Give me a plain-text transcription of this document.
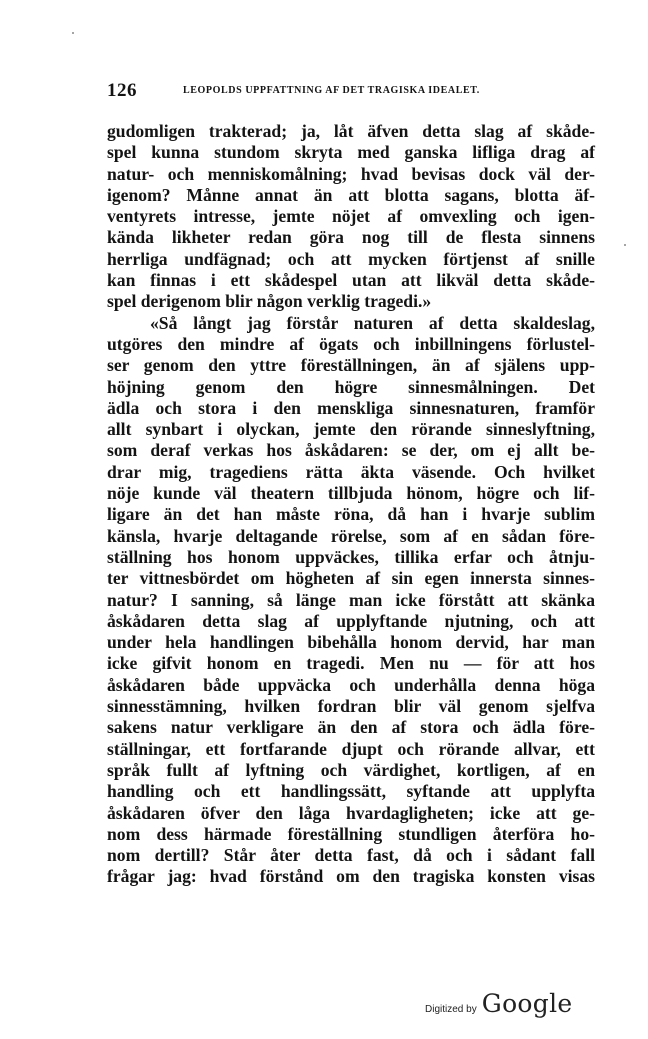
126	LEOPOLDS UPPFATTNING AF DET TRAGISKA IDEALET.
gudomligen trakterad; ja, låt äfven detta slag af skåde-
spel kunna stundom skryta med ganska lifliga drag af
natur- och menniskomålning; hvad bevisas dock väl der-
igenom? Månne annat än att blotta sagans, blotta äf-
ventyrets intresse, jemte nöjet af omvexling och igen-
kända likheter redan göra nog till de flesta sinnens
herrliga undfägnad; och att mycken förtjenst af snille
kan finnas i ett skådespel utan att likväl detta skåde-
spel derigenom blir någon verklig tragedi.»
«Så långt jag förstår naturen af detta skaldeslag,
utgöres den mindre af ögats och inbillningens förlustel-
ser genom den yttre föreställningen, än af själens upp-
höjning genom den högre sinnesmålningen. Det
ädla och stora i den menskliga sinnesnaturen, framför
allt synbart i olyckan, jemte den rörande sinneslyftning,
som deraf verkas hos åskådaren: se der, om ej allt be-
drar mig, tragediens rätta äkta väsende. Och hvilket
nöje kunde väl theatern tillbjuda hönom, högre och lif-
ligare än det han måste röna, då han i hvarje sublim
känsla, hvarje deltagande rörelse, som af en sådan före-
ställning hos honom uppväckes, tillika erfar och åtnju-
ter vittnesbördet om högheten af sin egen innersta sinnes-
natur? I sanning, så länge man icke förstått att skänka
åskådaren detta slag af upplyftande njutning, och att
under hela handlingen bibehålla honom dervid, har man
icke gifvit honom en tragedi. Men nu — för att hos
åskådaren både uppväcka och underhålla denna höga
sinnesstämning, hvilken fordran blir väl genom sjelfva
sakens natur verkligare än den af stora och ädla före-
ställningar, ett fortfarande djupt och rörande allvar, ett
språk fullt af lyftning och värdighet, kortligen, af en
handling och ett handlingssätt, syftande att upplyfta
åskådaren öfver den låga hvardagligheten; icke att ge-
nom dess härmade föreställning stundligen återföra ho-
nom dertill? Står åter detta fast, då och i sådant fall
frågar jag: hvad förstånd om den tragiska konsten visas
Digitized by Google
